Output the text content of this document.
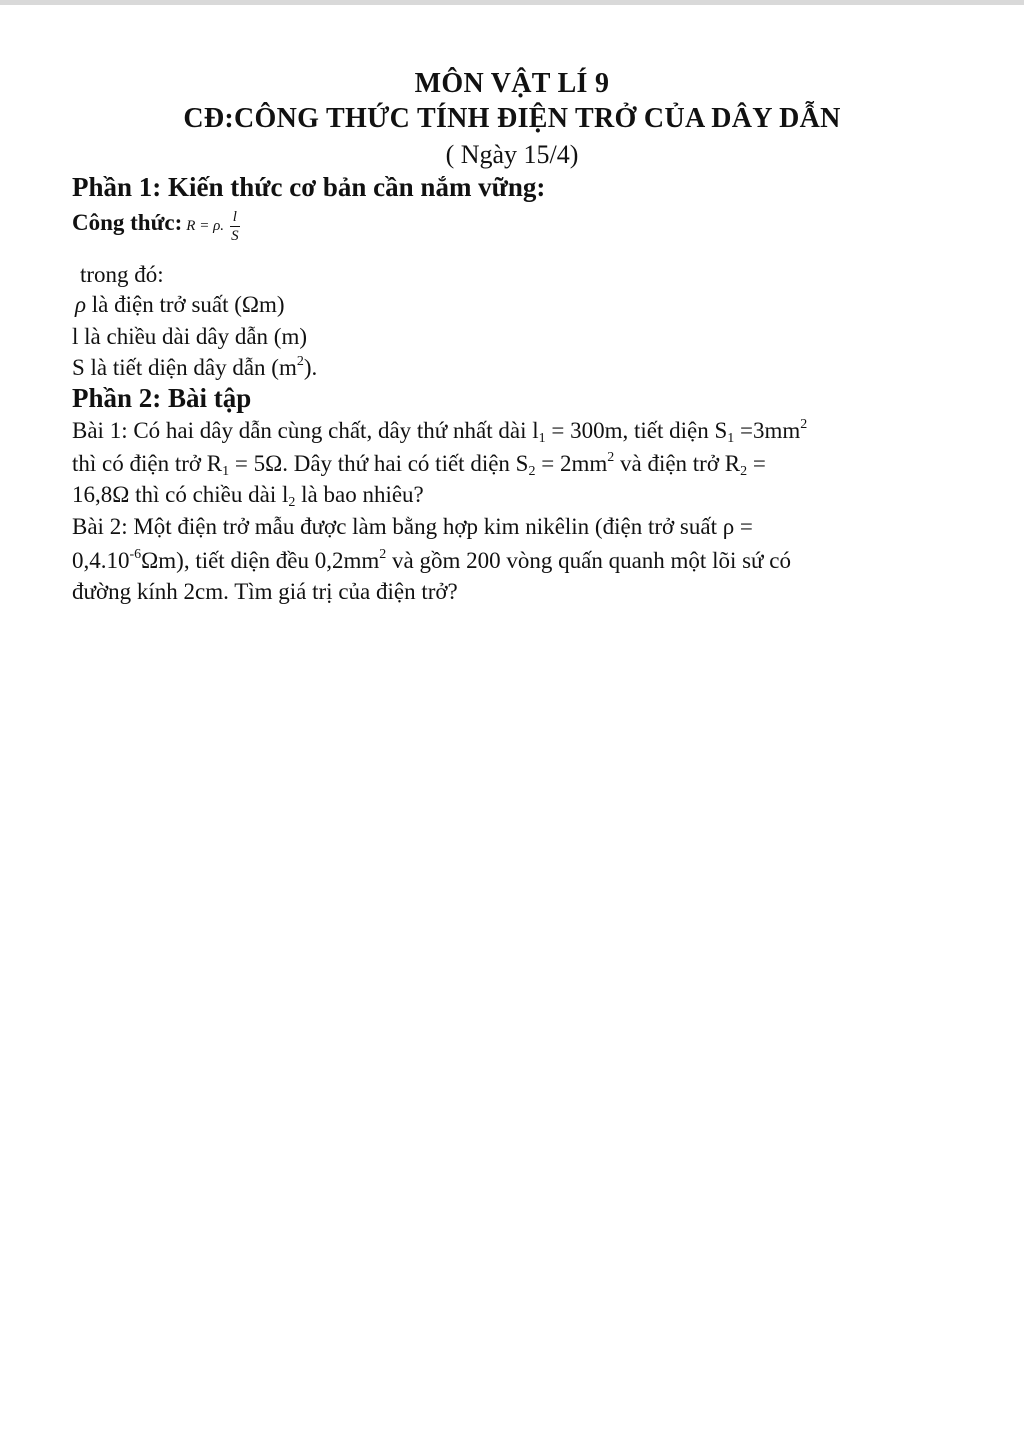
MÔN VẬT LÍ 9
CĐ:CÔNG THỨC TÍNH ĐIỆN TRỞ CỦA DÂY DẪN
( Ngày 15/4)
Phần 1: Kiến thức cơ bản cần nắm vững:
Công thức: R = ρ. $\frac{l}{S}$
trong đó:
ρ là điện trở suất (Ωm)
l là chiều dài dây dẫn (m)
S là tiết diện dây dẫn $(m^2)$.
Phần 2: Bài tập
Bài 1: Có hai dây dẫn cùng chất, dây thứ nhất dài $l_1 = 300m$, tiết diện $S_1 =3mm^2$
thì có điện trở $R_1 = 5\Omega$. Dây thứ hai có tiết diện $S_2 = 2mm^2$ và điện trở $R_2$ =
16,8Ω thì có chiều dài $l_2$ là bao nhiêu?
Bài 2: Một điện trở mẫu được làm bằng hợp kim nikêlin (điện trở suất ρ =
$0,4.10^{-6}\Omega m$), tiết diện đều $0,2mm^2$ và gồm 200 vòng quấn quanh một lõi sứ có
đường kính 2cm. Tìm giá trị của điện trở?
